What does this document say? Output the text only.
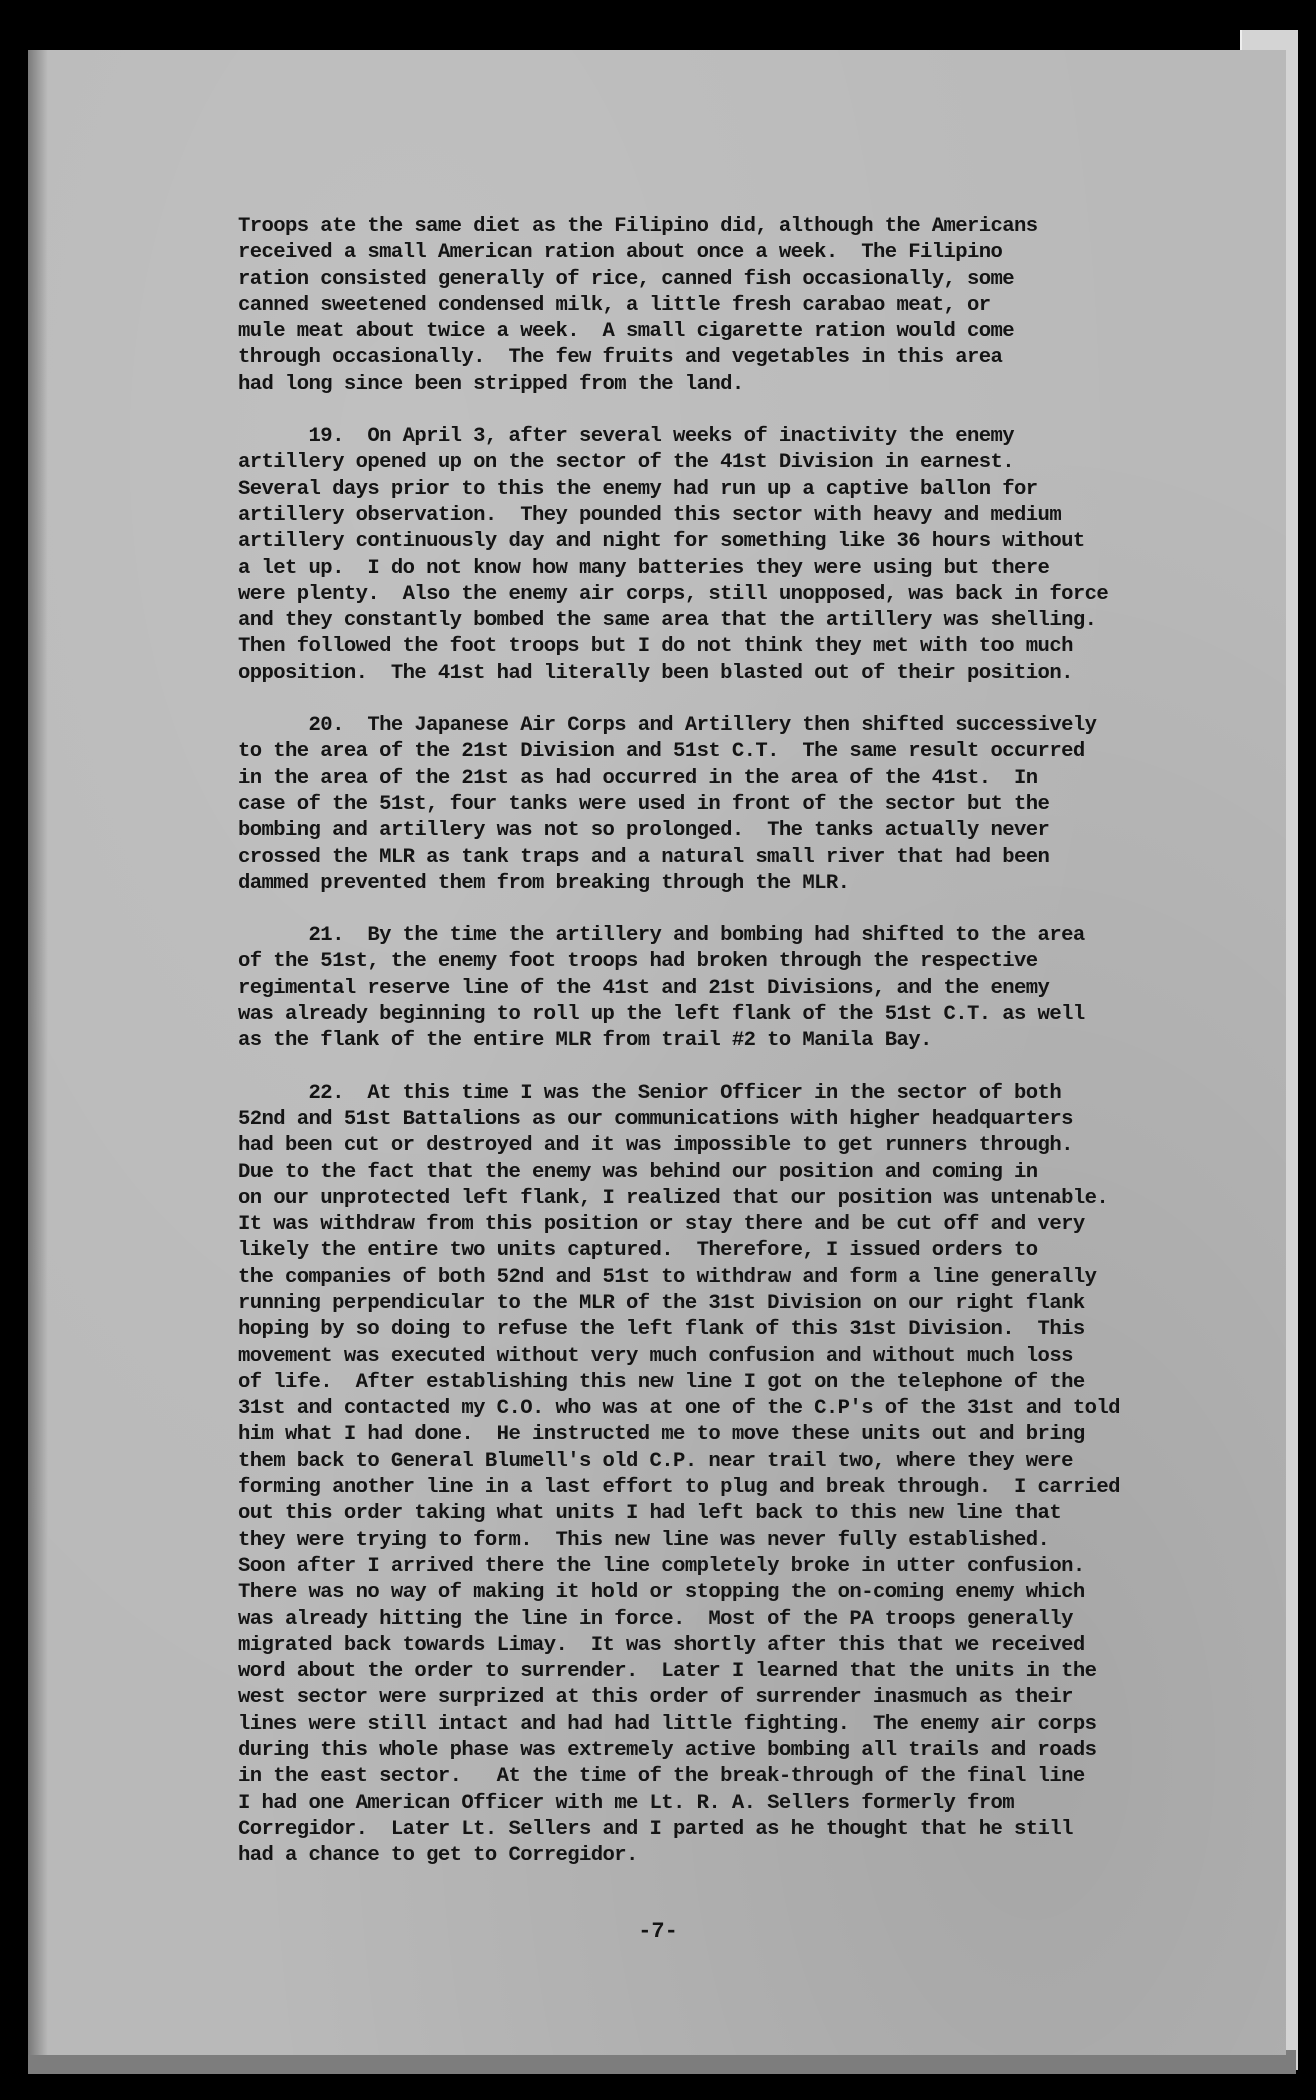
Troops ate the same diet as the Filipino did, although the Americans
received a small American ration about once a week.  The Filipino
ration consisted generally of rice, canned fish occasionally, some
canned sweetened condensed milk, a little fresh carabao meat, or
mule meat about twice a week.  A small cigarette ration would come
through occasionally.  The few fruits and vegetables in this area
had long since been stripped from the land.
19.  On April 3, after several weeks of inactivity the enemy
artillery opened up on the sector of the 41st Division in earnest.
Several days prior to this the enemy had run up a captive ballon for
artillery observation.  They pounded this sector with heavy and medium
artillery continuously day and night for something like 36 hours without
a let up.  I do not know how many batteries they were using but there
were plenty.  Also the enemy air corps, still unopposed, was back in force
and they constantly bombed the same area that the artillery was shelling.
Then followed the foot troops but I do not think they met with too much
opposition.  The 41st had literally been blasted out of their position.
20.  The Japanese Air Corps and Artillery then shifted successively
to the area of the 21st Division and 51st C.T.  The same result occurred
in the area of the 21st as had occurred in the area of the 41st.  In
case of the 51st, four tanks were used in front of the sector but the
bombing and artillery was not so prolonged.  The tanks actually never
crossed the MLR as tank traps and a natural small river that had been
dammed prevented them from breaking through the MLR.
21.  By the time the artillery and bombing had shifted to the area
of the 51st, the enemy foot troops had broken through the respective
regimental reserve line of the 41st and 21st Divisions, and the enemy
was already beginning to roll up the left flank of the 51st C.T. as well
as the flank of the entire MLR from trail #2 to Manila Bay.
22.  At this time I was the Senior Officer in the sector of both
52nd and 51st Battalions as our communications with higher headquarters
had been cut or destroyed and it was impossible to get runners through.
Due to the fact that the enemy was behind our position and coming in
on our unprotected left flank, I realized that our position was untenable.
It was withdraw from this position or stay there and be cut off and very
likely the entire two units captured.  Therefore, I issued orders to
the companies of both 52nd and 51st to withdraw and form a line generally
running perpendicular to the MLR of the 31st Division on our right flank
hoping by so doing to refuse the left flank of this 31st Division.  This
movement was executed without very much confusion and without much loss
of life.  After establishing this new line I got on the telephone of the
31st and contacted my C.O. who was at one of the C.P's of the 31st and told
him what I had done.  He instructed me to move these units out and bring
them back to General Blumell's old C.P. near trail two, where they were
forming another line in a last effort to plug and break through.  I carried
out this order taking what units I had left back to this new line that
they were trying to form.  This new line was never fully established.
Soon after I arrived there the line completely broke in utter confusion.
There was no way of making it hold or stopping the on-coming enemy which
was already hitting the line in force.  Most of the PA troops generally
migrated back towards Limay.  It was shortly after this that we received
word about the order to surrender.  Later I learned that the units in the
west sector were surprized at this order of surrender inasmuch as their
lines were still intact and had had little fighting.  The enemy air corps
during this whole phase was extremely active bombing all trails and roads
in the east sector.   At the time of the break-through of the final line
I had one American Officer with me Lt. R. A. Sellers formerly from
Corregidor.  Later Lt. Sellers and I parted as he thought that he still
had a chance to get to Corregidor.
-7-
